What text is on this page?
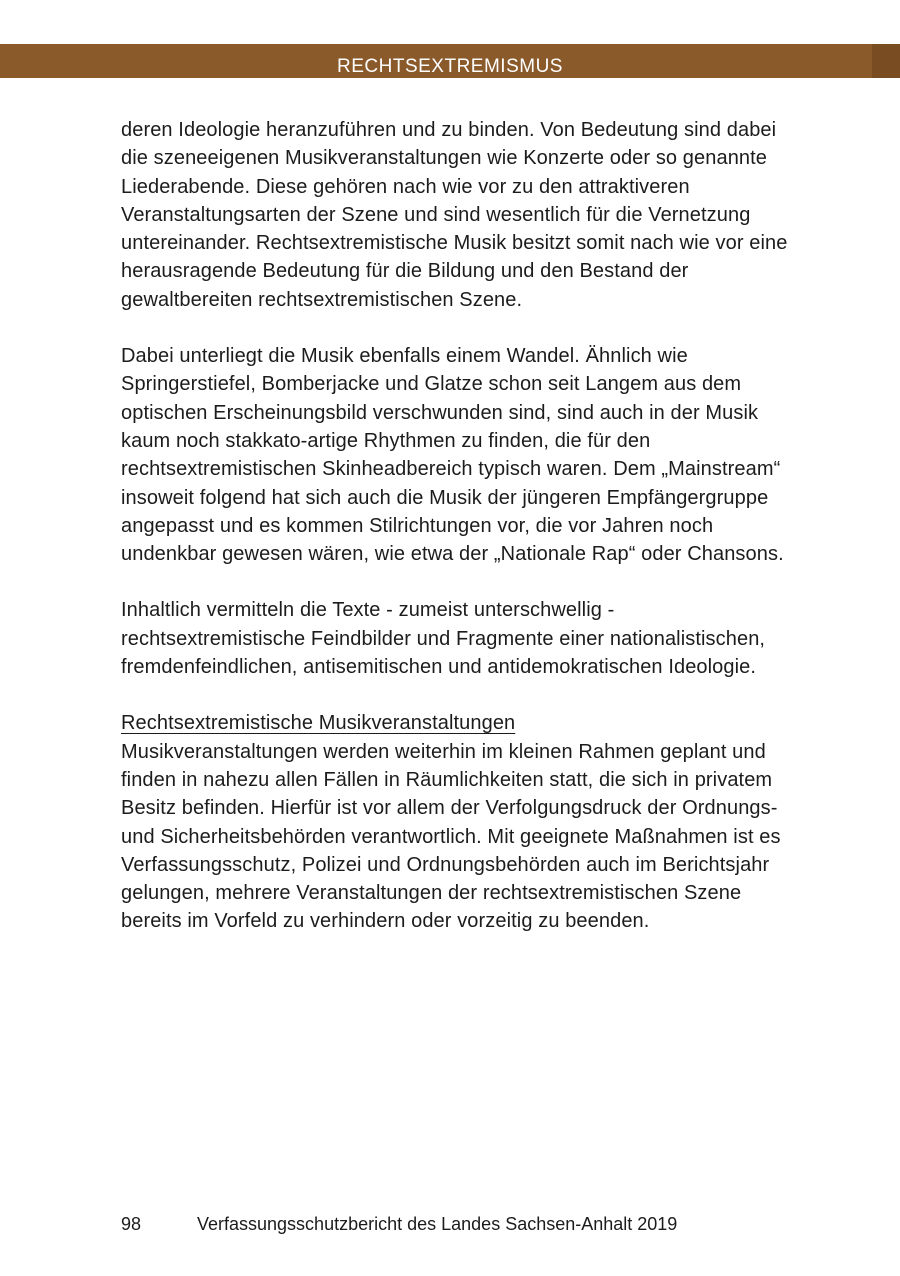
rechtsextremismus

deren Ideologie heranzuführen und zu binden. Von Bedeutung sind dabei die szeneeigenen Musikveranstaltungen wie Konzerte oder so genannte Liederabende. Diese gehören nach wie vor zu den attraktiveren Veranstaltungsarten der Szene und sind wesentlich für die Vernetzung untereinander. Rechtsextremistische Musik besitzt somit nach wie vor eine herausragende Bedeutung für die Bildung und den Bestand der gewaltbereiten rechtsextremistischen Szene.

Dabei unterliegt die Musik ebenfalls einem Wandel. Ähnlich wie Springerstiefel, Bomberjacke und Glatze schon seit Langem aus dem optischen Erscheinungsbild verschwunden sind, sind auch in der Musik kaum noch stakkato-artige Rhythmen zu finden, die für den rechtsextremistischen Skinheadbereich typisch waren. Dem „Mainstream“ insoweit folgend hat sich auch die Musik der jüngeren Empfängergruppe angepasst und es kommen Stilrichtungen vor, die vor Jahren noch undenkbar gewesen wären, wie etwa der „Nationale Rap“ oder Chansons.

Inhaltlich vermitteln die Texte - zumeist unterschwellig - rechtsextremistische Feindbilder und Fragmente einer nationalistischen, fremdenfeindlichen, antisemitischen und antidemokratischen Ideologie.

Rechtsextremistische Musikveranstaltungen

Musikveranstaltungen werden weiterhin im kleinen Rahmen geplant und finden in nahezu allen Fällen in Räumlichkeiten statt, die sich in privatem Besitz befinden. Hierfür ist vor allem der Verfolgungsdruck der Ordnungs- und Sicherheitsbehörden verantwortlich. Mit geeignete Maßnahmen ist es Verfassungsschutz, Polizei und Ordnungsbehörden auch im Berichtsjahr gelungen, mehrere Veranstaltungen der rechtsextremistischen Szene bereits im Vorfeld zu verhindern oder vorzeitig zu beenden.

98	Verfassungsschutzbericht des Landes Sachsen-Anhalt 2019
